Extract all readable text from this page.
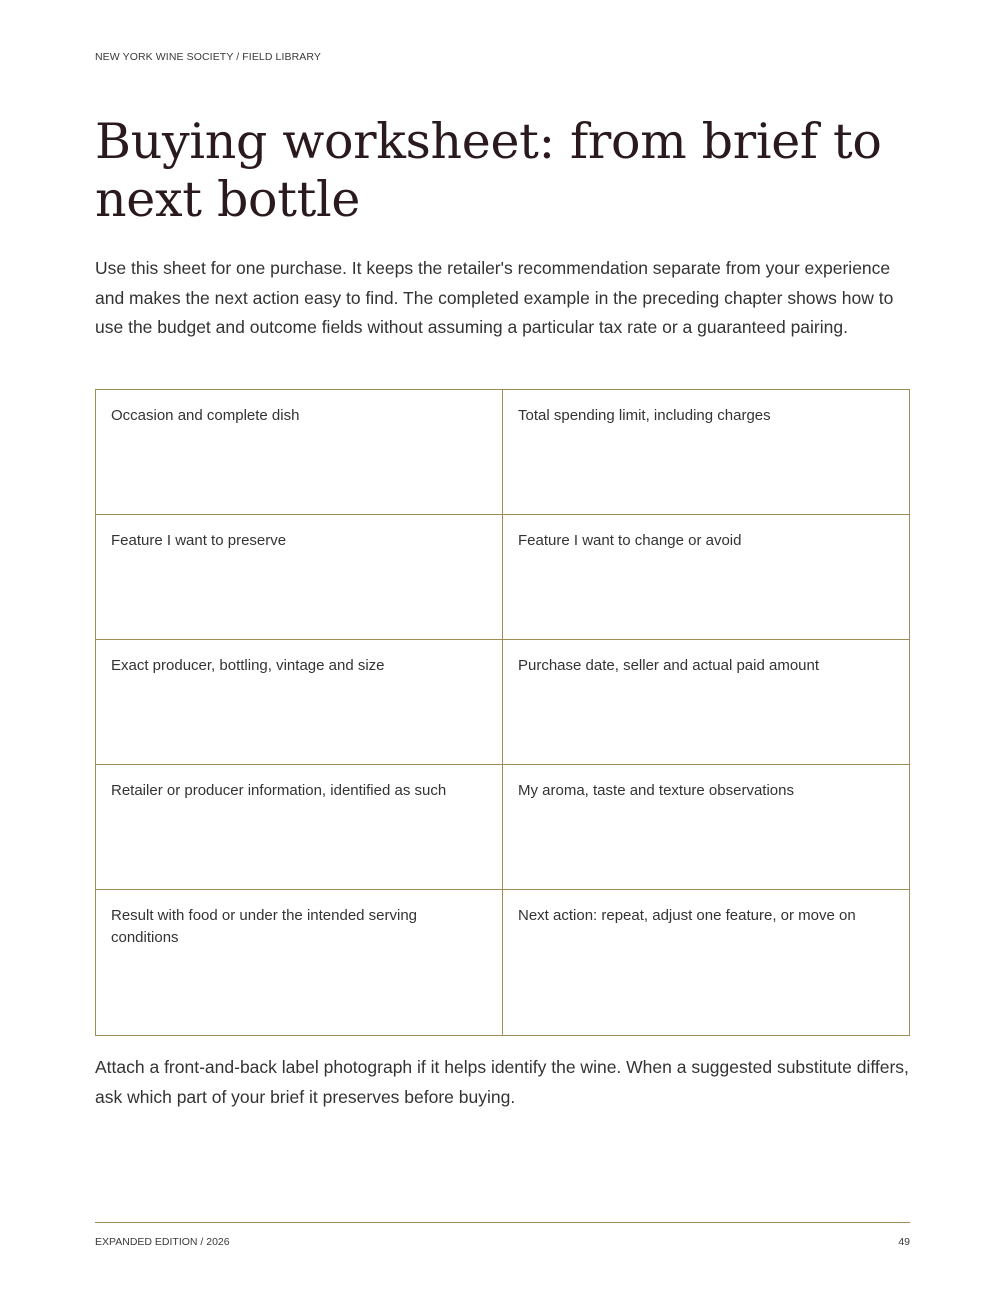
NEW YORK WINE SOCIETY / FIELD LIBRARY
Buying worksheet: from brief to next bottle

Use this sheet for one purchase. It keeps the retailer's recommendation separate from your experience and makes the next action easy to find. The completed example in the preceding chapter shows how to use the budget and outcome fields without assuming a particular tax rate or a guaranteed pairing.

Occasion and complete dish	Total spending limit, including charges
Feature I want to preserve	Feature I want to change or avoid
Exact producer, bottling, vintage and size	Purchase date, seller and actual paid amount
Retailer or producer information, identified as such	My aroma, taste and texture observations
Result with food or under the intended serving conditions	Next action: repeat, adjust one feature, or move on

Attach a front-and-back label photograph if it helps identify the wine. When a suggested substitute differs, ask which part of your brief it preserves before buying.

EXPANDED EDITION / 2026	49
